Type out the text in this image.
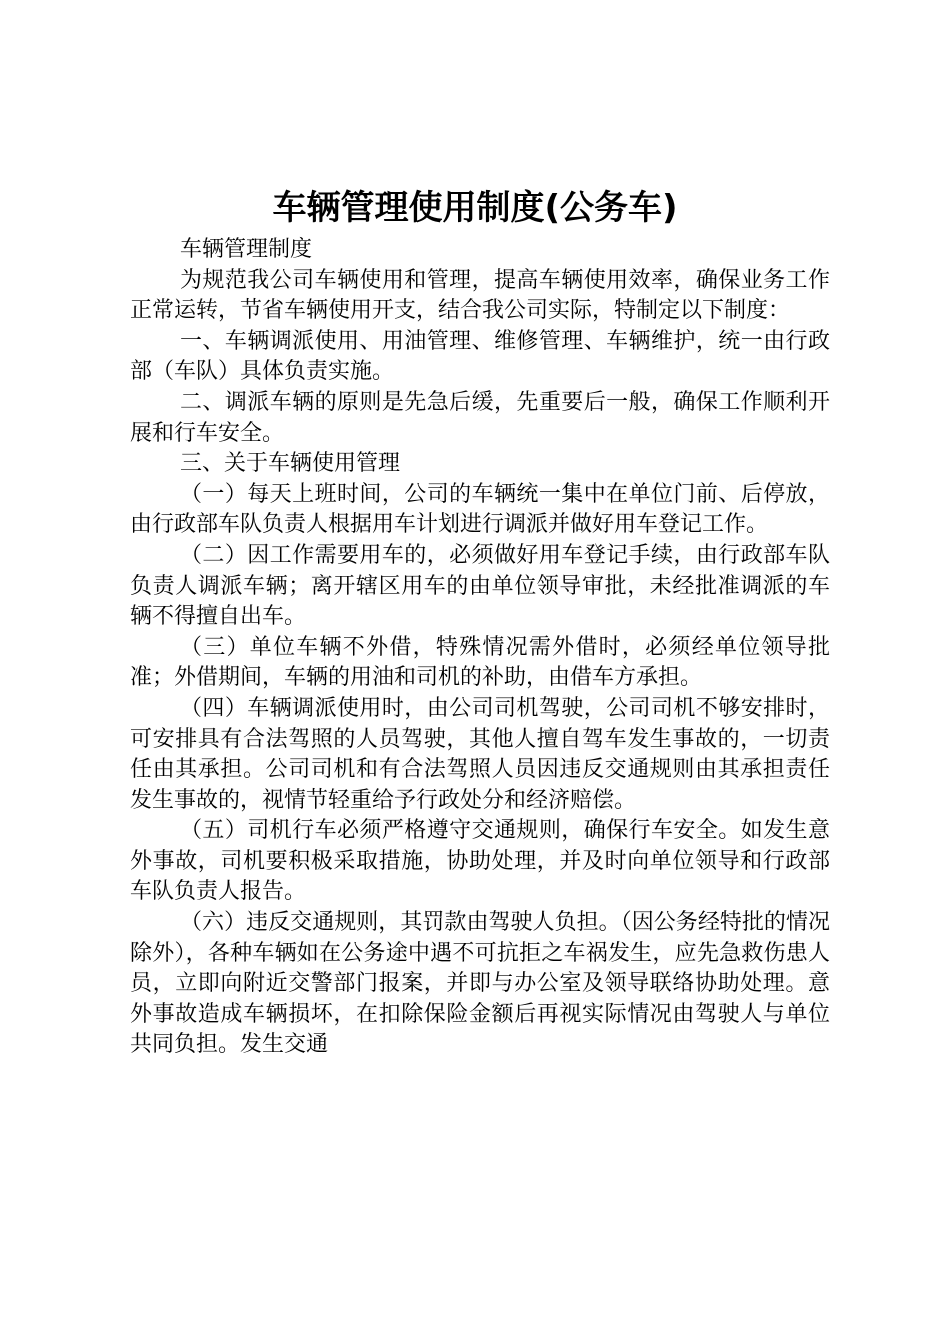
车辆管理使用制度(公务车)

车辆管理制度

为规范我公司车辆使用和管理，提高车辆使用效率，确保业务工作正常运转，节省车辆使用开支，结合我公司实际，特制定以下制度：

一、车辆调派使用、用油管理、维修管理、车辆维护，统一由行政部（车队）具体负责实施。

二、调派车辆的原则是先急后缓，先重要后一般，确保工作顺利开展和行车安全。

三、关于车辆使用管理

（一）每天上班时间，公司的车辆统一集中在单位门前、后停放，由行政部车队负责人根据用车计划进行调派并做好用车登记工作。

（二）因工作需要用车的，必须做好用车登记手续，由行政部车队负责人调派车辆；离开辖区用车的由单位领导审批，未经批准调派的车辆不得擅自出车。

（三）单位车辆不外借，特殊情况需外借时，必须经单位领导批准；外借期间，车辆的用油和司机的补助，由借车方承担。

（四）车辆调派使用时，由公司司机驾驶，公司司机不够安排时，可安排具有合法驾照的人员驾驶，其他人擅自驾车发生事故的，一切责任由其承担。公司司机和有合法驾照人员因违反交通规则由其承担责任发生事故的，视情节轻重给予行政处分和经济赔偿。

（五）司机行车必须严格遵守交通规则，确保行车安全。如发生意外事故，司机要积极采取措施，协助处理，并及时向单位领导和行政部车队负责人报告。

（六）违反交通规则，其罚款由驾驶人负担。（因公务经特批的情况除外），各种车辆如在公务途中遇不可抗拒之车祸发生，应先急救伤患人员，立即向附近交警部门报案，并即与办公室及领导联络协助处理。意外事故造成车辆损坏，在扣除保险金额后再视实际情况由驾驶人与单位共同负担。发生交通
